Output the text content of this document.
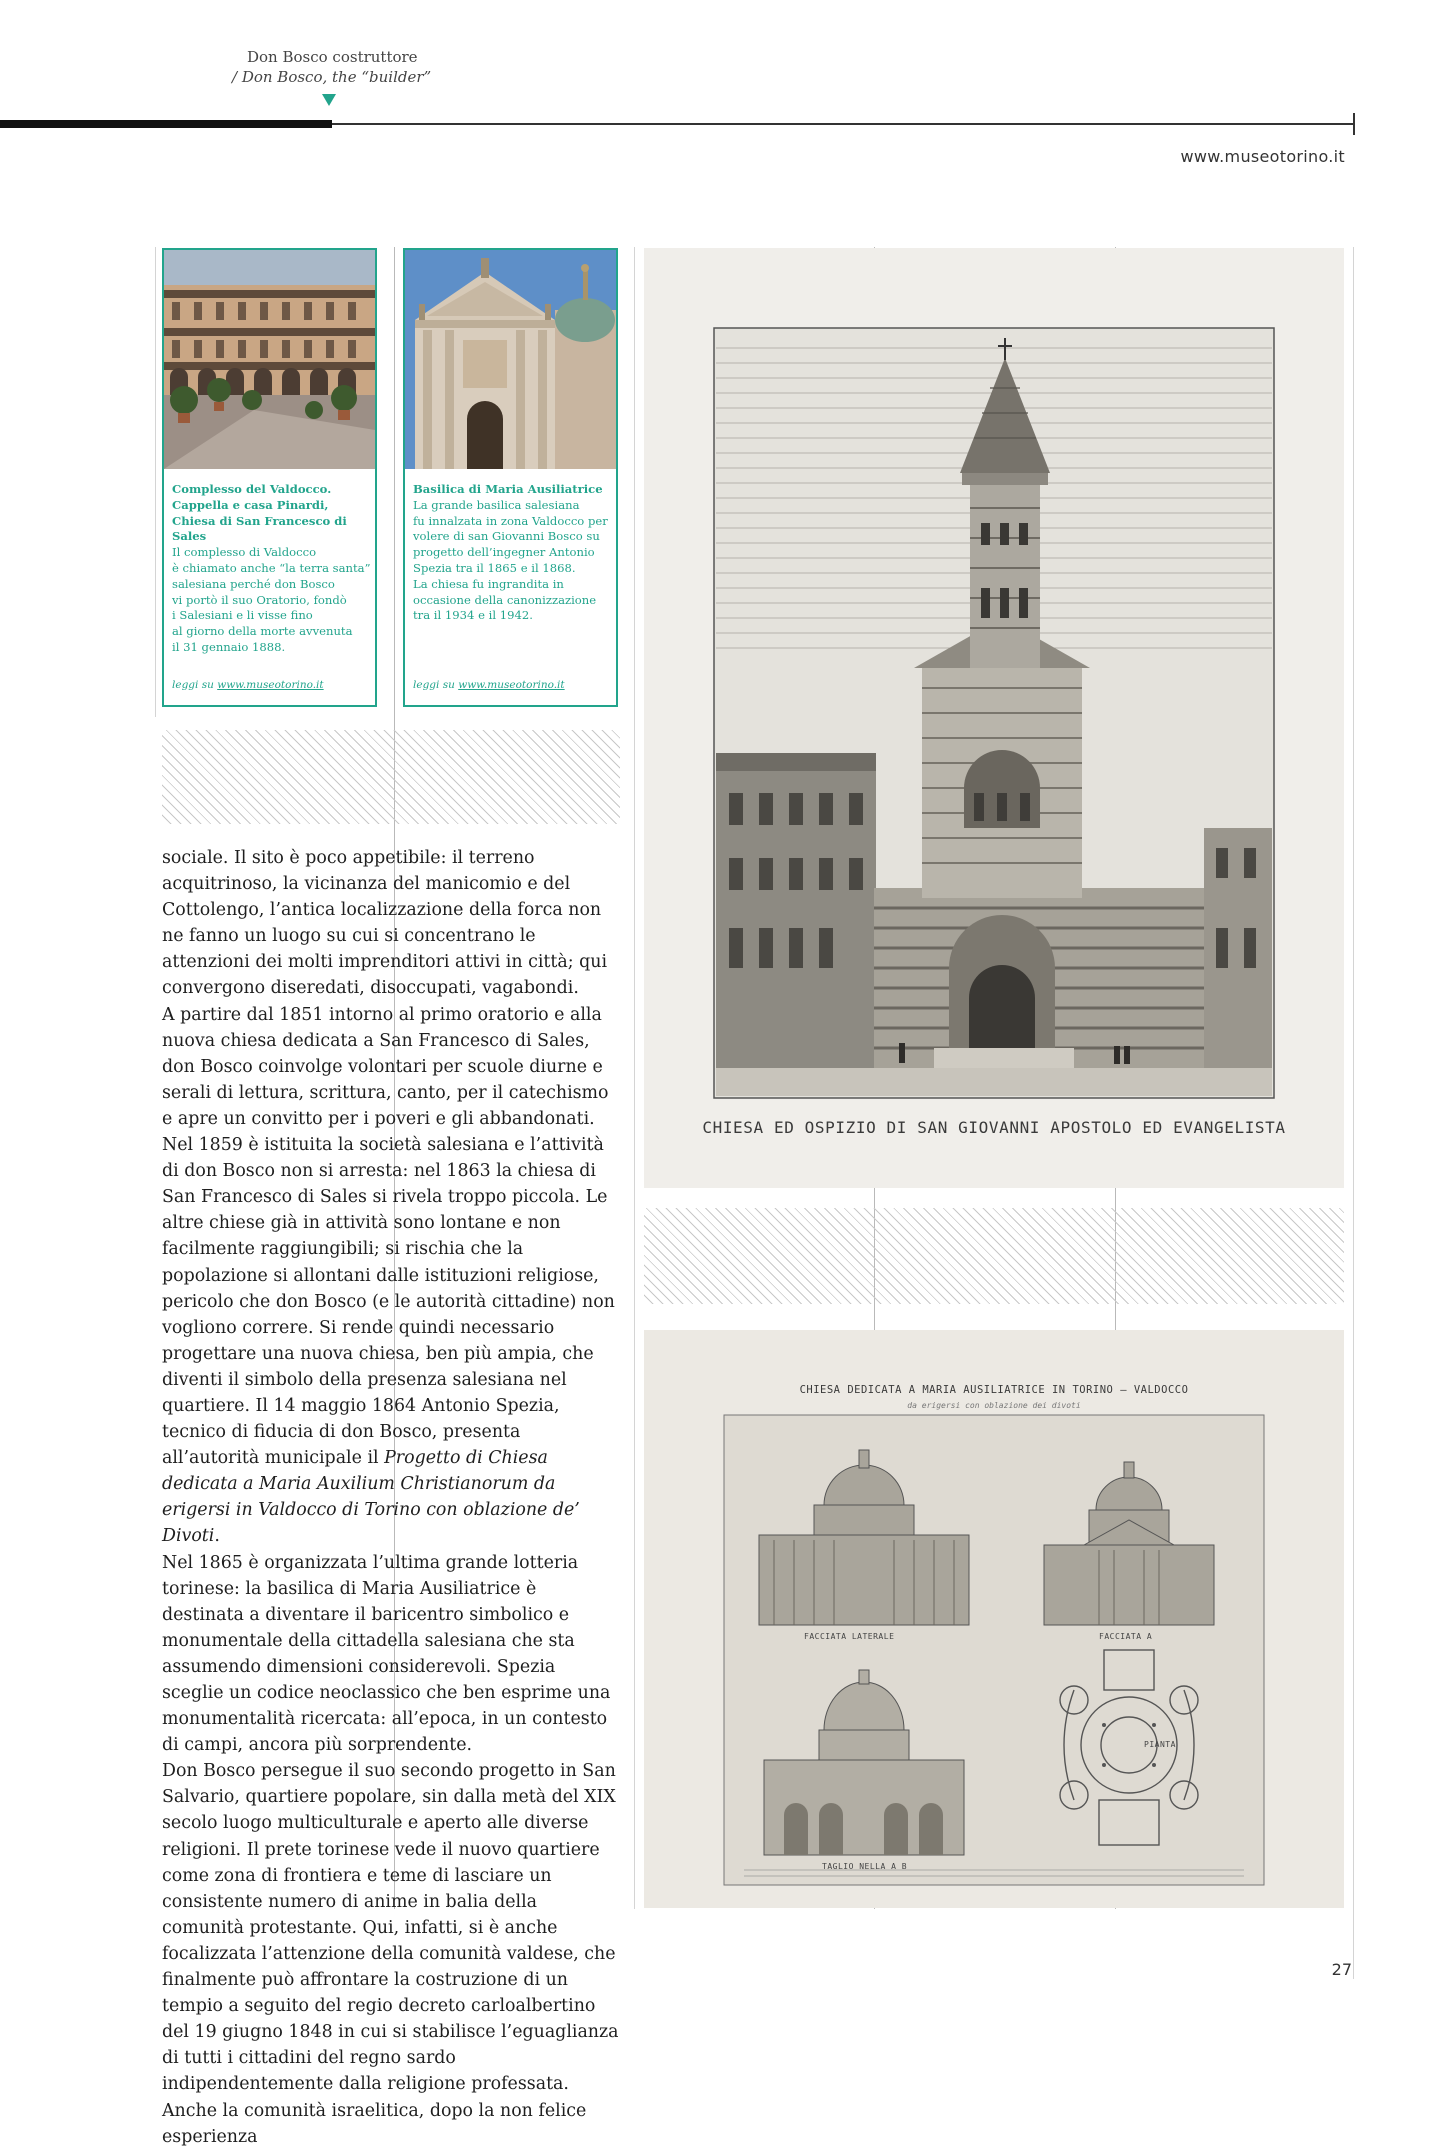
Don Bosco costruttore
/ Don Bosco, the “builder”
www.museotorino.it
Complesso del Valdocco.
Cappella e casa Pinardi,
Chiesa di San Francesco di Sales
Il complesso di Valdocco
è chiamato anche “la terra santa”
salesiana perché don Bosco
vi portò il suo Oratorio, fondò
i Salesiani e li visse fino
al giorno della morte avvenuta
il 31 gennaio 1888.
leggi su www.museotorino.it
Basilica di Maria Ausiliatrice
La grande basilica salesiana
fu innalzata in zona Valdocco per
volere di san Giovanni Bosco su
progetto dell’ingegner Antonio
Spezia tra il 1865 e il 1868.
La chiesa fu ingrandita in
occasione della canonizzazione
tra il 1934 e il 1942.
leggi su www.museotorino.it

sociale. Il sito è poco appetibile: il terreno acquitrinoso, la vicinanza del manicomio e del Cottolengo, l’antica localizzazione della forca non ne fanno un luogo su cui si concentrano le attenzioni dei molti imprenditori attivi in città; qui convergono diseredati, disoccupati, vagabondi.

A partire dal 1851 intorno al primo oratorio e alla nuova chiesa dedicata a San Francesco di Sales, don Bosco coinvolge volontari per scuole diurne e serali di lettura, scrittura, canto, per il catechismo e apre un convitto per i poveri e gli abbandonati.

Nel 1859 è istituita la società salesiana e l’attività di don Bosco non si arresta: nel 1863 la chiesa di San Francesco di Sales si rivela troppo piccola. Le altre chiese già in attività sono lontane e non facilmente raggiungibili; si rischia che la popolazione si allontani dalle istituzioni religiose, pericolo che don Bosco (e le autorità cittadine) non vogliono correre. Si rende quindi necessario progettare una nuova chiesa, ben più ampia, che diventi il simbolo della presenza salesiana nel quartiere. Il 14 maggio 1864 Antonio Spezia, tecnico di fiducia di don Bosco, presenta all’autorità municipale il Progetto di Chiesa dedicata a Maria Auxilium Christianorum da erigersi in Valdocco di Torino con oblazione de’ Divoti.

Nel 1865 è organizzata l’ultima grande lotteria torinese: la basilica di Maria Ausiliatrice è destinata a diventare il baricentro simbolico e monumentale della cittadella salesiana che sta assumendo dimensioni considerevoli. Spezia sceglie un codice neoclassico che ben esprime una monumentalità ricercata: all’epoca, in un contesto di campi, ancora più sorprendente.

Don Bosco persegue il suo secondo progetto in San Salvario, quartiere popolare, sin dalla metà del XIX secolo luogo multiculturale e aperto alle diverse religioni. Il prete torinese vede il nuovo quartiere come zona di frontiera e teme di lasciare un consistente numero di anime in balia della comunità protestante. Qui, infatti, si è anche focalizzata l’attenzione della comunità valdese, che finalmente può affrontare la costruzione di un tempio a seguito del regio decreto carloalbertino del 19 giugno 1848 in cui si stabilisce l’eguaglianza di tutti i cittadini del regno sardo indipendentemente dalla religione professata.

Anche la comunità israelitica, dopo la non felice esperienza

CHIESA ED OSPIZIO DI SAN GIOVANNI APOSTOLO ED EVANGELISTA
CHIESA DEDICATA A MARIA AUSILIATRICE IN TORINO — VALDOCCO
da erigersi con oblazione dei divoti
FACCIATA LATERALE	FACCIATA A
TAGLIO NELLA A B
PIANTA
27
